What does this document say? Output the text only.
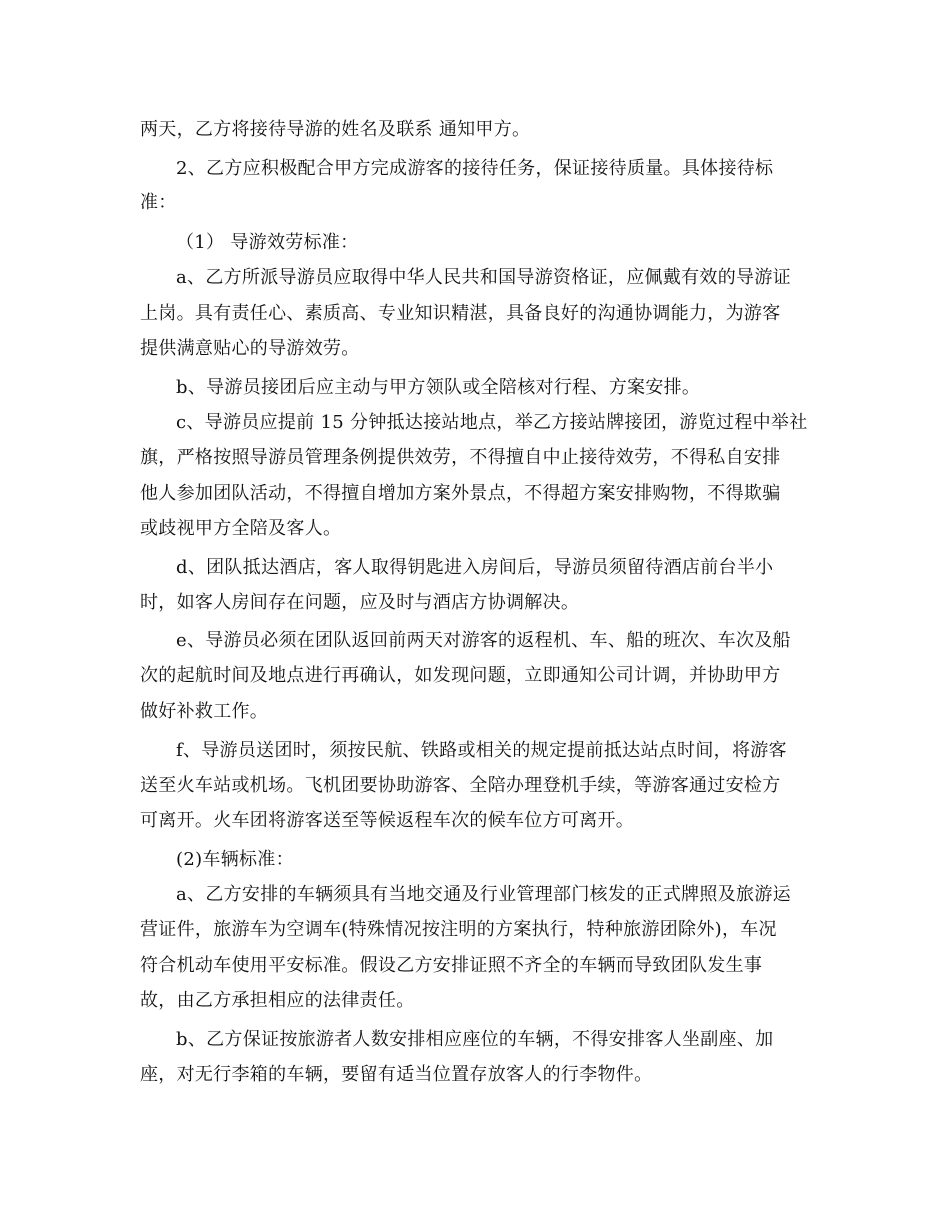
两天，乙方将接待导游的姓名及联系 通知甲方。
2、乙方应积极配合甲方完成游客的接待任务，保证接待质量。具体接待标
准：
（1） 导游效劳标准：
a、乙方所派导游员应取得中华人民共和国导游资格证，应佩戴有效的导游证
上岗。具有责任心、素质高、专业知识精湛，具备良好的沟通协调能力，为游客
提供满意贴心的导游效劳。
b、导游员接团后应主动与甲方领队或全陪核对行程、方案安排。
c、导游员应提前 15 分钟抵达接站地点，举乙方接站牌接团，游览过程中举社
旗，严格按照导游员管理条例提供效劳，不得擅自中止接待效劳，不得私自安排
他人参加团队活动，不得擅自增加方案外景点，不得超方案安排购物，不得欺骗
或歧视甲方全陪及客人。
d、团队抵达酒店，客人取得钥匙进入房间后，导游员须留待酒店前台半小
时，如客人房间存在问题，应及时与酒店方协调解决。
e、导游员必须在团队返回前两天对游客的返程机、车、船的班次、车次及船
次的起航时间及地点进行再确认，如发现问题，立即通知公司计调，并协助甲方
做好补救工作。
f、导游员送团时，须按民航、铁路或相关的规定提前抵达站点时间，将游客
送至火车站或机场。飞机团要协助游客、全陪办理登机手续，等游客通过安检方
可离开。火车团将游客送至等候返程车次的候车位方可离开。
(2)车辆标准：
a、乙方安排的车辆须具有当地交通及行业管理部门核发的正式牌照及旅游运
营证件，旅游车为空调车(特殊情况按注明的方案执行，特种旅游团除外)，车况
符合机动车使用平安标准。假设乙方安排证照不齐全的车辆而导致团队发生事
故，由乙方承担相应的法律责任。
b、乙方保证按旅游者人数安排相应座位的车辆，不得安排客人坐副座、加
座，对无行李箱的车辆，要留有适当位置存放客人的行李物件。
